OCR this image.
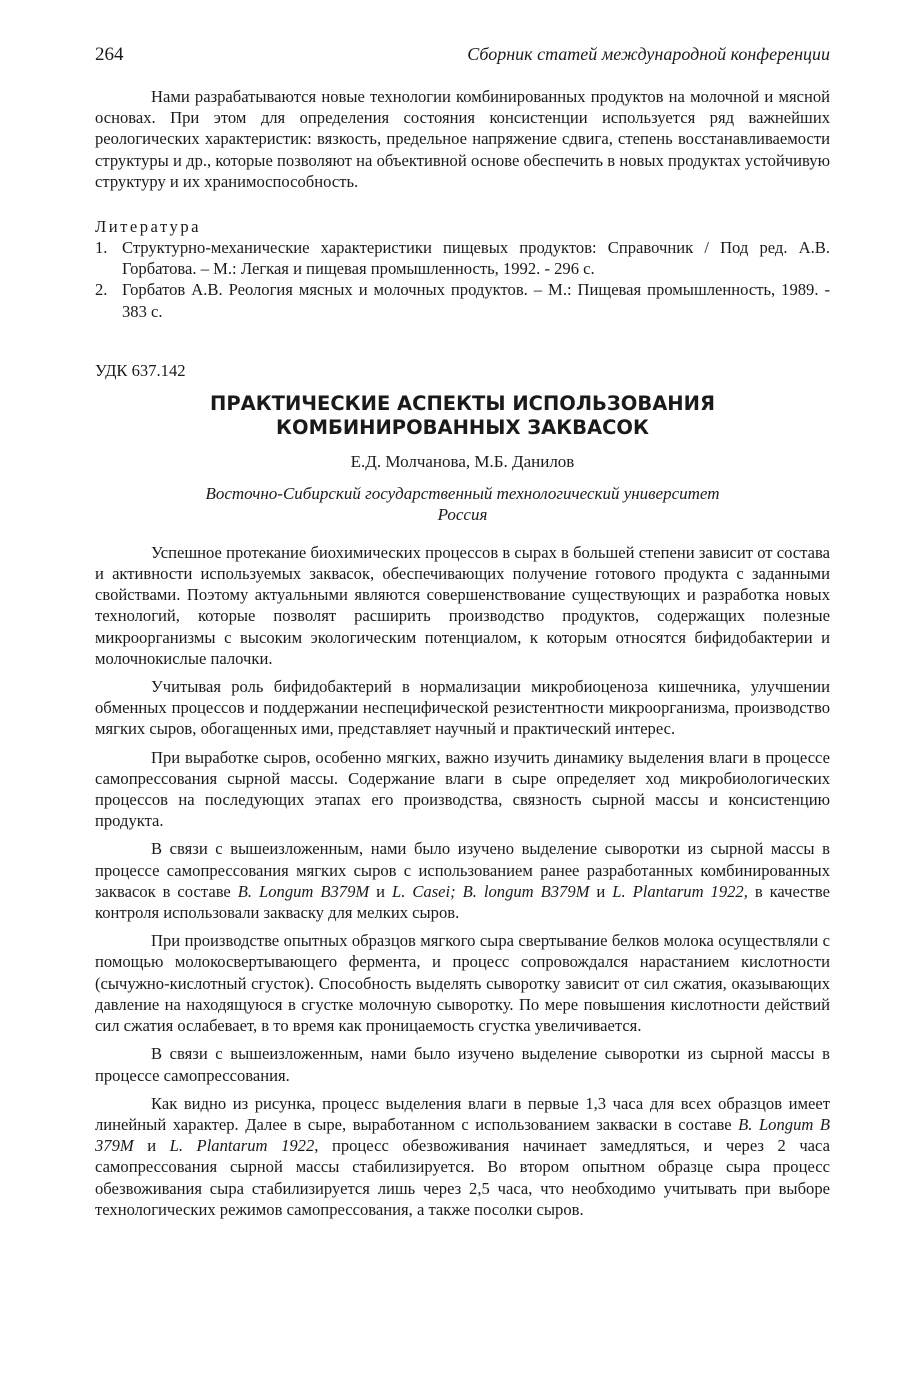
264	Сборник статей международной конференции

Нами разрабатываются новые технологии комбинированных продуктов на молочной и мясной основах. При этом для определения состояния консистенции используется ряд важнейших реологических характеристик: вязкость, предельное напряжение сдвига, степень восстанавливаемости структуры и др., которые позволяют на объективной основе обеспечить в новых продуктах устойчивую структуру и их хранимоспособность.

Литература
1. Структурно-механические характеристики пищевых продуктов: Справочник / Под ред. А.В. Горбатова. – М.: Легкая и пищевая промышленность, 1992. - 296 с.
2. Горбатов А.В. Реология мясных и молочных продуктов. – М.: Пищевая промышленность, 1989. - 383 с.
УДК 637.142
ПРАКТИЧЕСКИЕ АСПЕКТЫ ИСПОЛЬЗОВАНИЯ
КОМБИНИРОВАННЫХ ЗАКВАСОК
Е.Д. Молчанова, М.Б. Данилов
Восточно-Сибирский государственный технологический университет
Россия

Успешное протекание биохимических процессов в сырах в большей степени зависит от состава и активности используемых заквасок, обеспечивающих получение готового продукта с заданными свойствами. Поэтому актуальными являются совершенствование существующих и разработка новых технологий, которые позволят расширить производство продуктов, содержащих полезные микроорганизмы с высоким экологическим потенциалом, к которым относятся бифидобактерии и молочнокислые палочки.

Учитывая роль бифидобактерий в нормализации микробиоценоза кишечника, улучшении обменных процессов и поддержании неспецифической резистентности микроорганизма, производство мягких сыров, обогащенных ими, представляет научный и практический интерес.

При выработке сыров, особенно мягких, важно изучить динамику выделения влаги в процессе самопрессования сырной массы. Содержание влаги в сыре определяет ход микробиологических процессов на последующих этапах его производства, связность сырной массы и консистенцию продукта.

В связи с вышеизложенным, нами было изучено выделение сыворотки из сырной массы в процессе самопрессования мягких сыров с использованием ранее разработанных комбинированных заквасок в составе B. Longum B379M и L. Casei; B. longum B379M и L. Plantarum 1922, в качестве контроля использовали закваску для мелких сыров.

При производстве опытных образцов мягкого сыра свертывание белков молока осуществляли с помощью молокосвертывающего фермента, и процесс сопровождался нарастанием кислотности (сычужно-кислотный сгусток). Способность выделять сыворотку зависит от сил сжатия, оказывающих давление на находящуюся в сгустке молочную сыворотку. По мере повышения кислотности действий сил сжатия ослабевает, в то время как проницаемость сгустка увеличивается.

В связи с вышеизложенным, нами было изучено выделение сыворотки из сырной массы в процессе самопрессования.

Как видно из рисунка, процесс выделения влаги в первые 1,3 часа для всех образцов имеет линейный характер. Далее в сыре, выработанном с использованием закваски в составе B. Longum B 379M и L. Plantarum 1922, процесс обезвоживания начинает замедляться, и через 2 часа самопрессования сырной массы стабилизируется. Во втором опытном образце сыра процесс обезвоживания сыра стабилизируется лишь через 2,5 часа, что необходимо учитывать при выборе технологических режимов самопрессования, а также посолки сыров.
